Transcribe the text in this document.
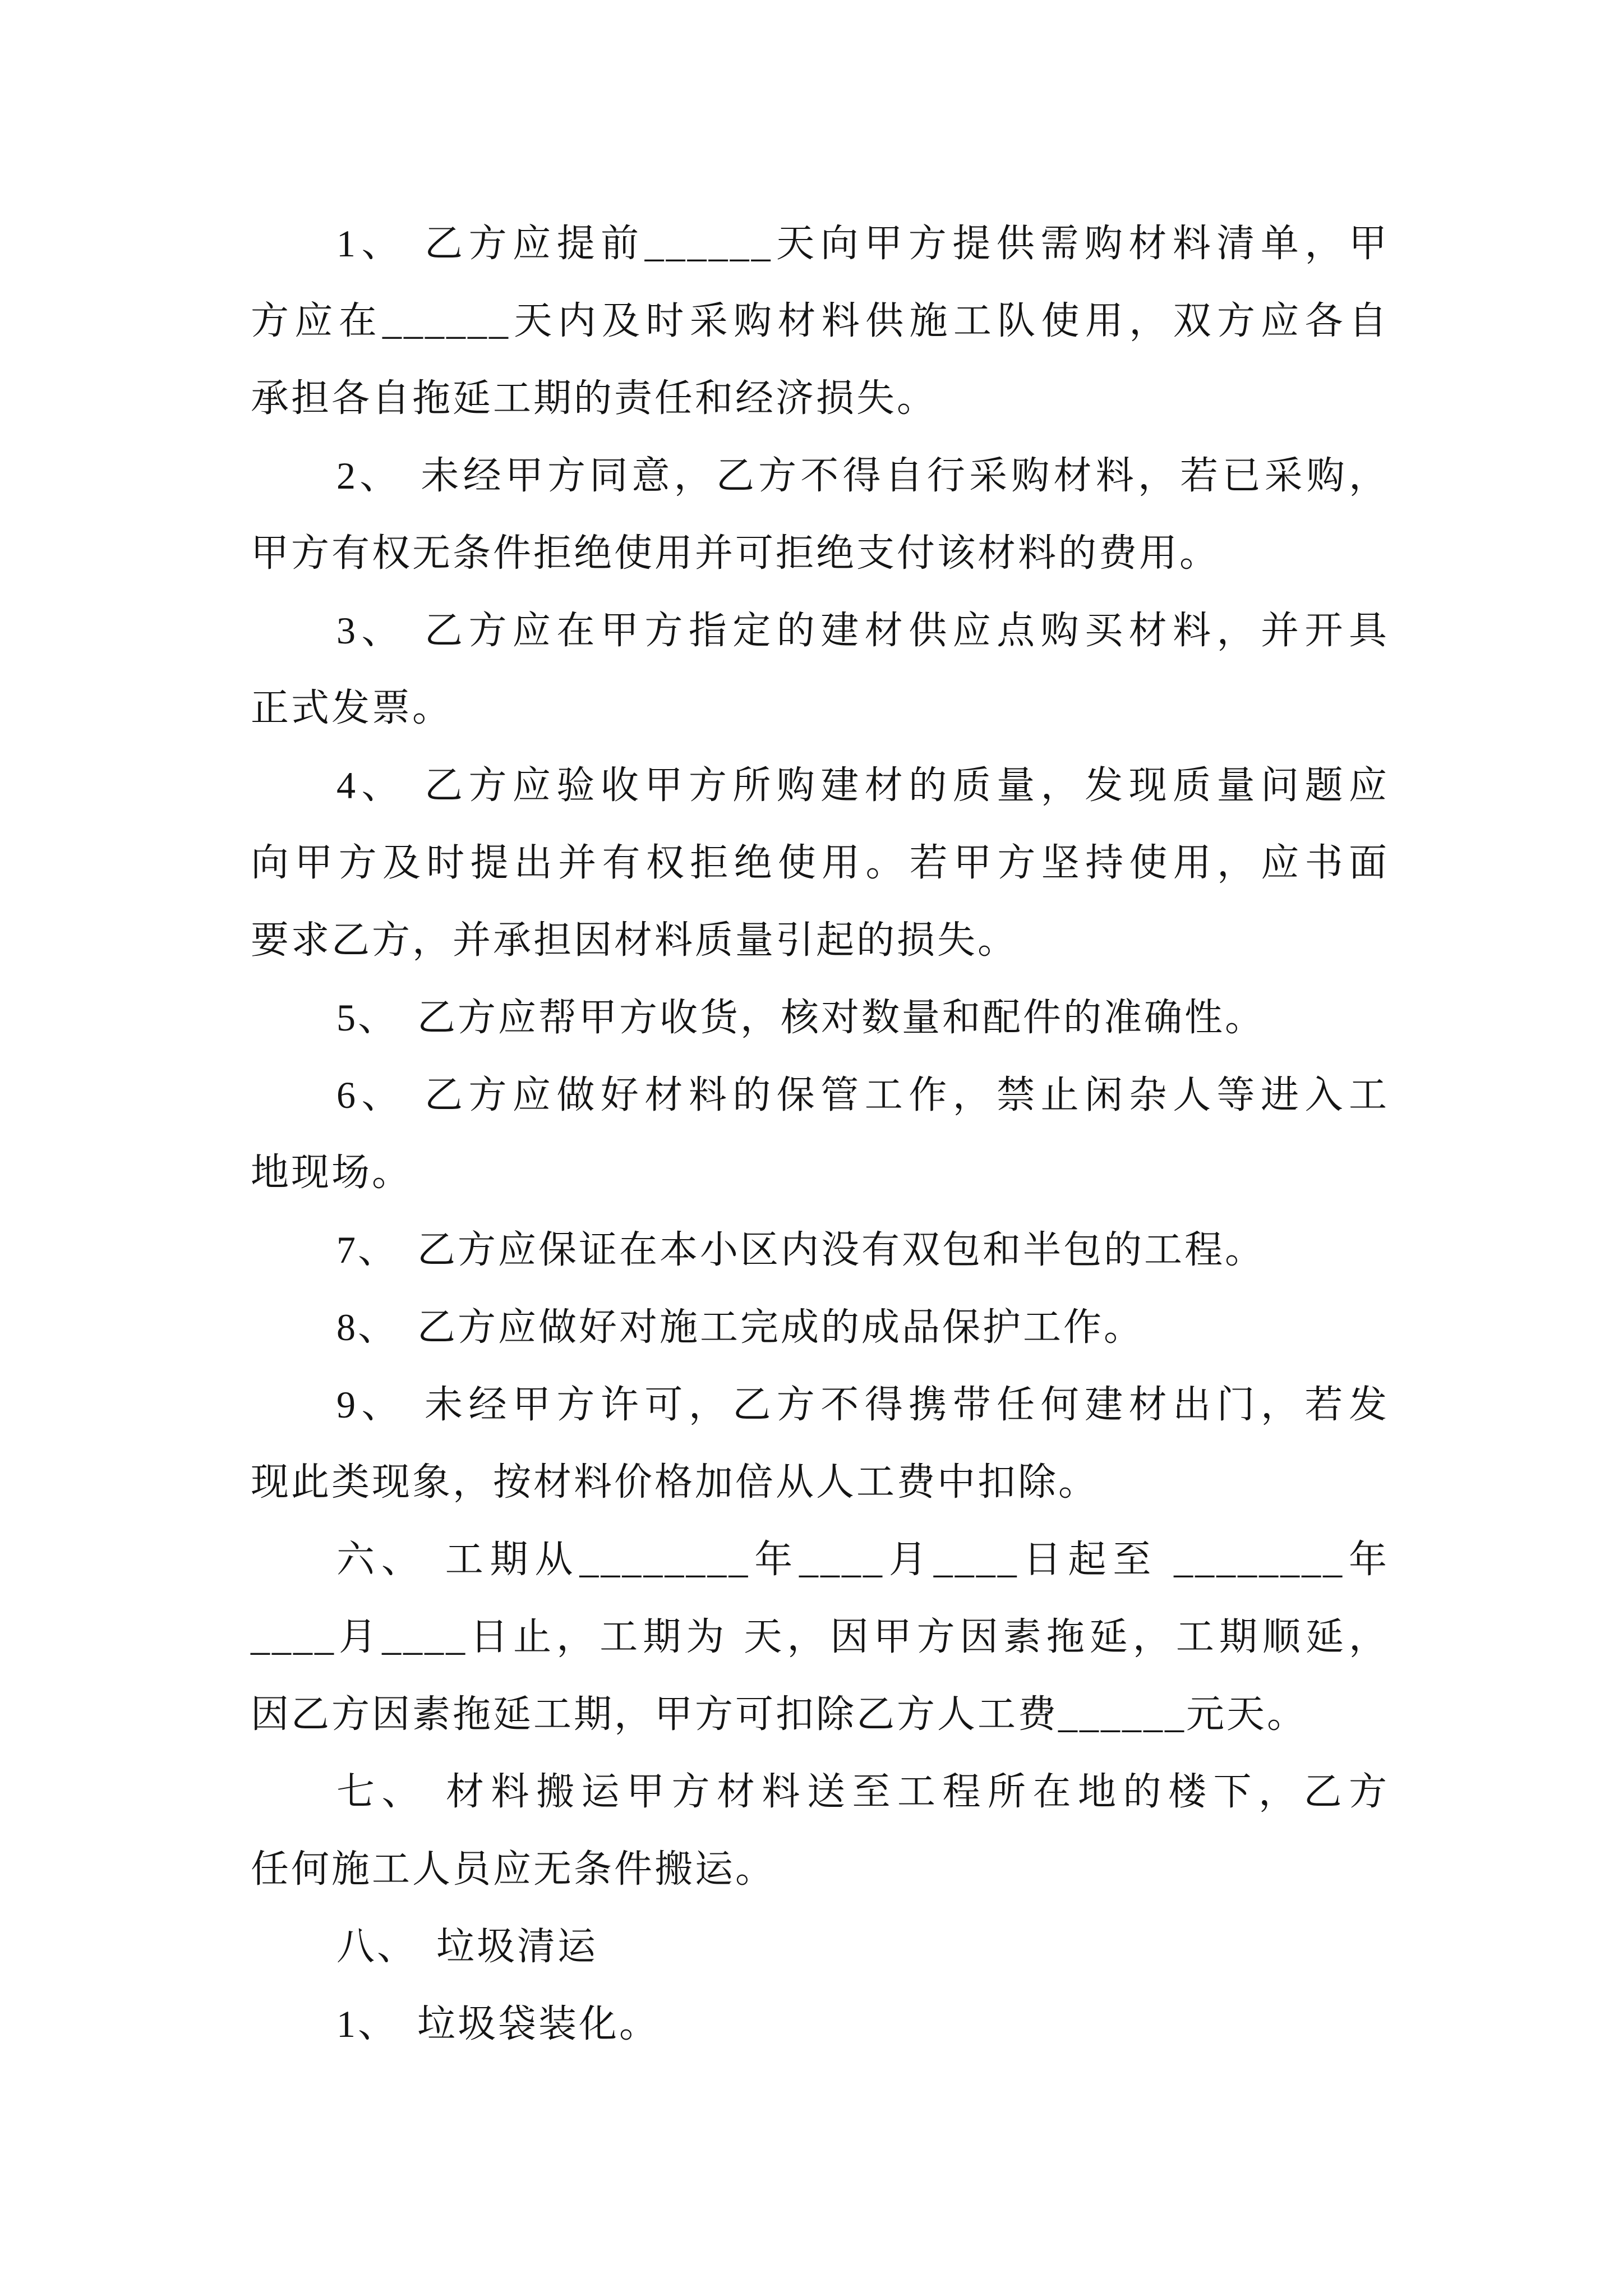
1、 乙方应提前______天向甲方提供需购材料清单，甲
方应在______天内及时采购材料供施工队使用，双方应各自
承担各自拖延工期的责任和经济损失。
2、 未经甲方同意，乙方不得自行采购材料，若已采购，
甲方有权无条件拒绝使用并可拒绝支付该材料的费用。
3、 乙方应在甲方指定的建材供应点购买材料，并开具
正式发票。
4、 乙方应验收甲方所购建材的质量，发现质量问题应
向甲方及时提出并有权拒绝使用。若甲方坚持使用，应书面
要求乙方，并承担因材料质量引起的损失。
5、 乙方应帮甲方收货，核对数量和配件的准确性。
6、 乙方应做好材料的保管工作，禁止闲杂人等进入工
地现场。
7、 乙方应保证在本小区内没有双包和半包的工程。
8、 乙方应做好对施工完成的成品保护工作。
9、 未经甲方许可，乙方不得携带任何建材出门，若发
现此类现象，按材料价格加倍从人工费中扣除。
六、 工期从________年____月____日起至 ________年
____月____日止，工期为 天，因甲方因素拖延，工期顺延，
因乙方因素拖延工期，甲方可扣除乙方人工费______元天。
七、 材料搬运甲方材料送至工程所在地的楼下，乙方
任何施工人员应无条件搬运。
八、 垃圾清运
1、 垃圾袋装化。
